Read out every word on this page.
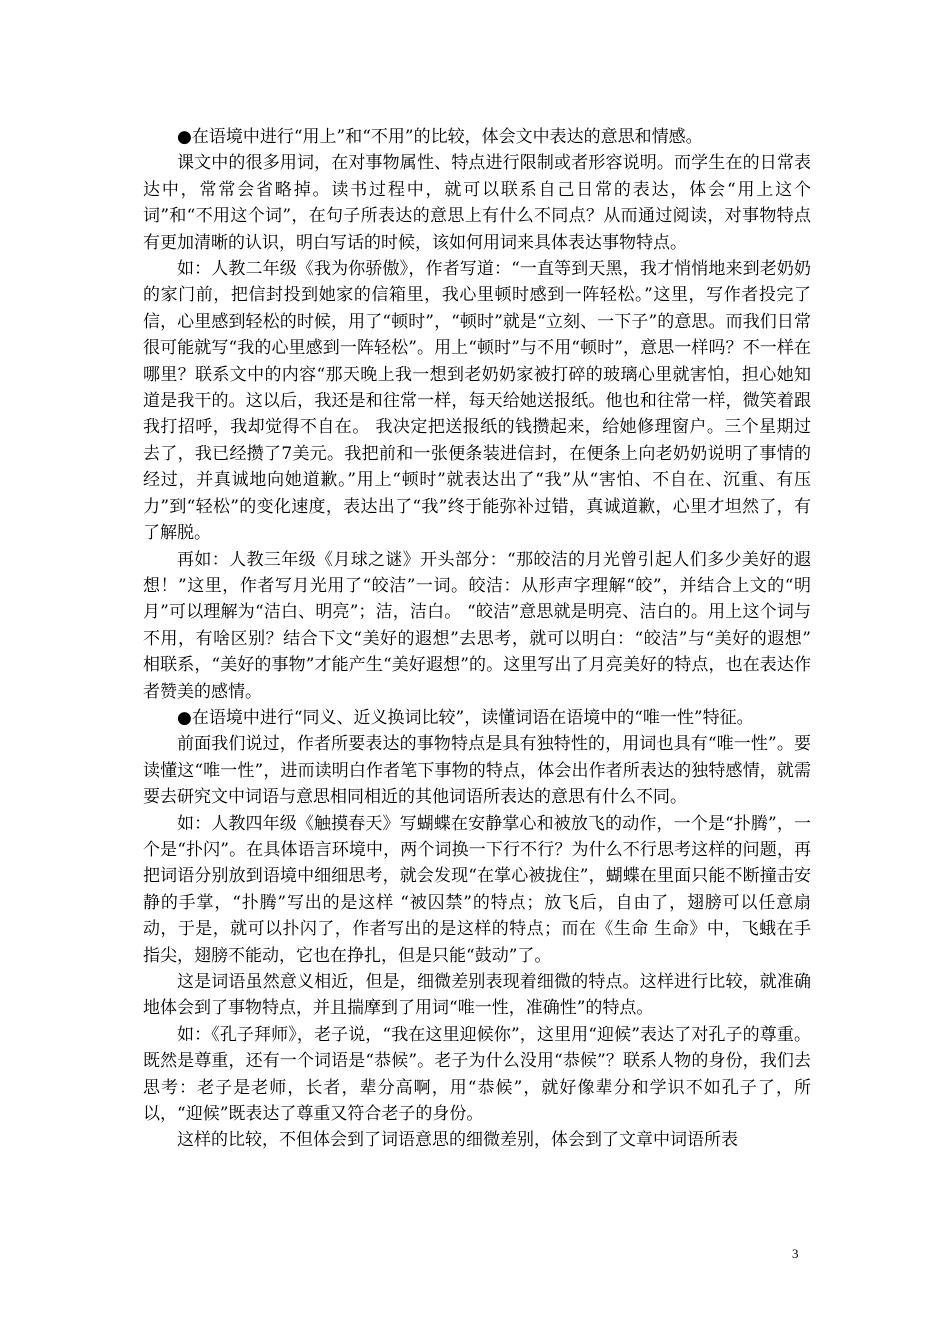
●在语境中进行“用上”和“不用”的比较，体会文中表达的意思和情感。

课文中的很多用词，在对事物属性、特点进行限制或者形容说明。而学生在的日常表达中，常常会省略掉。读书过程中，就可以联系自己日常的表达，体会“用上这个词”和“不用这个词”，在句子所表达的意思上有什么不同点？从而通过阅读，对事物特点有更加清晰的认识，明白写话的时候，该如何用词来具体表达事物特点。

如：人教二年级《我为你骄傲》，作者写道：“一直等到天黑，我才悄悄地来到老奶奶的家门前，把信封投到她家的信箱里，我心里顿时感到一阵轻松。”这里，写作者投完了信，心里感到轻松的时候，用了“顿时”，“顿时”就是“立刻、一下子”的意思。而我们日常很可能就写“我的心里感到一阵轻松”。用上“顿时”与不用“顿时”，意思一样吗？不一样在哪里？联系文中的内容“那天晚上我一想到老奶奶家被打碎的玻璃心里就害怕，担心她知道是我干的。这以后，我还是和往常一样，每天给她送报纸。他也和往常一样，微笑着跟我打招呼，我却觉得不自在。 我决定把送报纸的钱攒起来，给她修理窗户。三个星期过去了，我已经攒了7美元。我把前和一张便条装进信封，在便条上向老奶奶说明了事情的经过，并真诚地向她道歉。”用上“顿时”就表达出了“我”从“害怕、不自在、沉重、有压力”到“轻松”的变化速度，表达出了“我”终于能弥补过错，真诚道歉，心里才坦然了，有了解脱。

再如：人教三年级《月球之谜》开头部分：“那皎洁的月光曾引起人们多少美好的遐想！”这里，作者写月光用了“皎洁”一词。皎洁：从形声字理解“皎”，并结合上文的“明月”可以理解为“洁白、明亮”；洁，洁白。 “皎洁”意思就是明亮、洁白的。用上这个词与不用，有啥区别？结合下文“美好的遐想”去思考，就可以明白：“皎洁”与“美好的遐想” 相联系，“美好的事物”才能产生“美好遐想”的。这里写出了月亮美好的特点，也在表达作者赞美的感情。

●在语境中进行“同义、近义换词比较”，读懂词语在语境中的“唯一性”特征。

前面我们说过，作者所要表达的事物特点是具有独特性的，用词也具有“唯一性”。要读懂这“唯一性”，进而读明白作者笔下事物的特点，体会出作者所表达的独特感情，就需要去研究文中词语与意思相同相近的其他词语所表达的意思有什么不同。

如：人教四年级《触摸春天》写蝴蝶在安静掌心和被放飞的动作，一个是“扑腾”，一个是“扑闪”。在具体语言环境中，两个词换一下行不行？为什么不行思考这样的问题，再把词语分别放到语境中细细思考，就会发现“在掌心被拢住”，蝴蝶在里面只能不断撞击安静的手掌，“扑腾”写出的是这样 “被囚禁”的特点；放飞后，自由了，翅膀可以任意扇动，于是，就可以扑闪了，作者写出的是这样的特点；而在《生命 生命》中，飞蛾在手指尖，翅膀不能动，它也在挣扎，但是只能“鼓动”了。

这是词语虽然意义相近，但是，细微差别表现着细微的特点。这样进行比较，就准确地体会到了事物特点，并且揣摩到了用词“唯一性，准确性”的特点。

如：《孔子拜师》，老子说，“我在这里迎候你”，这里用“迎候”表达了对孔子的尊重。既然是尊重，还有一个词语是“恭候”。老子为什么没用“恭候”？联系人物的身份，我们去思考：老子是老师，长者，辈分高啊，用“恭候”，就好像辈分和学识不如孔子了，所以，“迎候”既表达了尊重又符合老子的身份。

这样的比较，不但体会到了词语意思的细微差别，体会到了文章中词语所表

3
